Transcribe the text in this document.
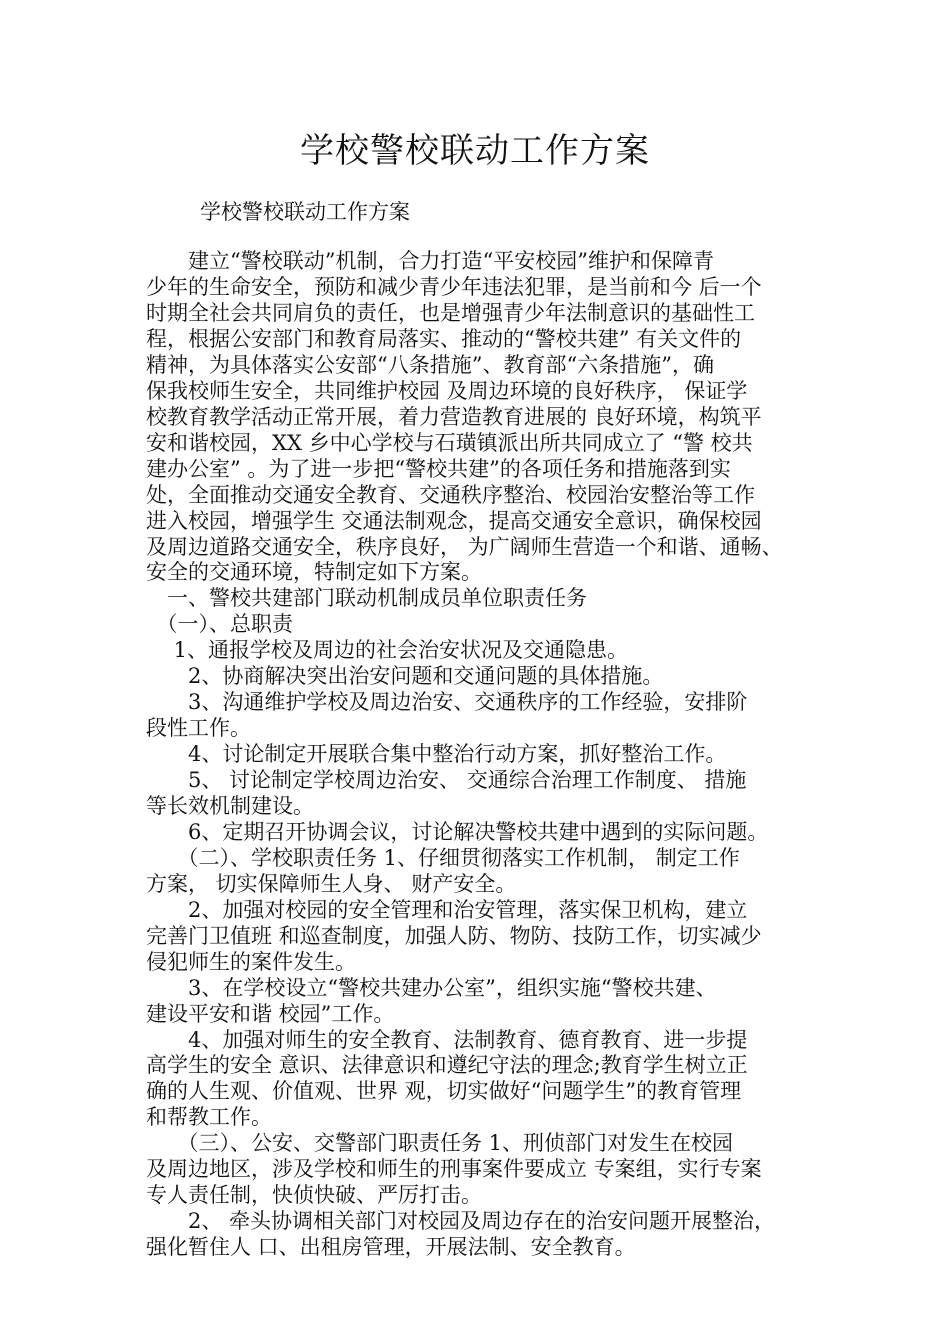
学校警校联动工作方案

学校警校联动工作方案

　　建立“警校联动”机制，合力打造“平安校园”维护和保障青

少年的生命安全，预防和减少青少年违法犯罪，是当前和今 后一个

时期全社会共同肩负的责任，也是增强青少年法制意识的基础性工

程，根据公安部门和教育局落实、推动的“警校共建” 有关文件的

精神，为具体落实公安部“八条措施”、教育部“六条措施”，确

保我校师生安全，共同维护校园 及周边环境的良好秩序， 保证学

校教育教学活动正常开展，着力营造教育进展的 良好环境，构筑平

安和谐校园，XX 乡中心学校与石璜镇派出所共同成立了 “警 校共

建办公室” 。为了进一步把“警校共建”的各项任务和措施落到实

处，全面推动交通安全教育、交通秩序整治、校园治安整治等工作

进入校园，增强学生 交通法制观念，提高交通安全意识，确保校园

及周边道路交通安全，秩序良好， 为广阔师生营造一个和谐、通畅、

安全的交通环境，特制定如下方案。

　一、警校共建部门联动机制成员单位职责任务

　（一）、总职责

　 1、通报学校及周边的社会治安状况及交通隐患。

　　2、协商解决突出治安问题和交通问题的具体措施。

　　3、沟通维护学校及周边治安、交通秩序的工作经验，安排阶

段性工作。

　　4、讨论制定开展联合集中整治行动方案，抓好整治工作。

　　5、 讨论制定学校周边治安、 交通综合治理工作制度、 措施

等长效机制建设。

　　6、定期召开协调会议，讨论解决警校共建中遇到的实际问题。

　　（二）、学校职责任务 1、仔细贯彻落实工作机制， 制定工作

方案， 切实保障师生人身、 财产安全。

　　2、加强对校园的安全管理和治安管理，落实保卫机构，建立

完善门卫值班 和巡查制度，加强人防、物防、技防工作，切实减少

侵犯师生的案件发生。

　　3、在学校设立“警校共建办公室”，组织实施“警校共建、

建设平安和谐 校园”工作。

　　4、加强对师生的安全教育、法制教育、德育教育、进一步提

高学生的安全 意识、法律意识和遵纪守法的理念;教育学生树立正

确的人生观、价值观、世界 观，切实做好“问题学生”的教育管理

和帮教工作。

　　（三）、公安、交警部门职责任务 1、刑侦部门对发生在校园

及周边地区，涉及学校和师生的刑事案件要成立 专案组，实行专案

专人责任制，快侦快破、严厉打击。

　　2、 牵头协调相关部门对校园及周边存在的治安问题开展整治，

强化暂住人 口、出租房管理，开展法制、安全教育。
